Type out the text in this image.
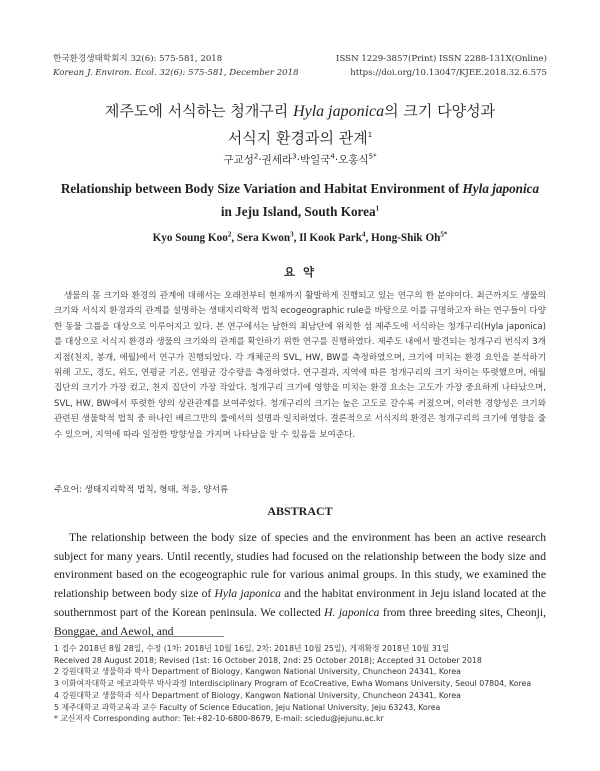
한국환경생태학회지 32(6): 575-581, 2018
Korean J. Environ. Ecol. 32(6): 575-581, December 2018
ISSN 1229-3857(Print) ISSN 2288-131X(Online)
https://doi.org/10.13047/KJEE.2018.32.6.575
제주도에 서식하는 청개구리 Hyla japonica의 크기 다양성과
서식지 환경과의 관계$^1$
구교성$^2$·권세라$^3$·박일국$^4$·오홍식$^{5*}$
Relationship between Body Size Variation and Habitat Environment of Hyla japonica in Jeju Island, South Korea$^1$
Kyo Soung Koo$^2$, Sera Kwon$^3$, Il Kook Park$^4$, Hong-Shik $Oh^{5*}$
요 약
생물의 몸 크기와 환경의 관계에 대해서는 오래전부터 현재까지 활발하게 진행되고 있는 연구의 한 분야이다. 최근까지도 생물의 크기와 서식지 환경과의 관계를 설명하는 생태지리학적 법칙 ecogeographic rule을 바탕으로 이를 규명하고자 하는 연구들이 다양한 동물 그룹을 대상으로 이루어지고 있다. 본 연구에서는 남한의 최남단에 위치한 섬 제주도에 서식하는 청개구리(Hyla japonica)를 대상으로 서식지 환경과 생물의 크기와의 관계를 확인하기 위한 연구를 진행하였다. 제주도 내에서 발견되는 청개구리 번식지 3개 지점(천지, 봉개, 애월)에서 연구가 진행되었다. 각 개체군의 SVL, HW, BW를 측정하였으며, 크기에 미치는 환경 요인을 분석하기 위해 고도, 경도, 위도, 연평균 기온, 연평균 강수량을 측정하였다. 연구결과, 지역에 따른 청개구리의 크기 차이는 뚜렷했으며, 애월 집단의 크기가 가장 컸고, 천지 집단이 가장 작았다. 청개구리 크기에 영향을 미치는 환경 요소는 고도가 가장 중요하게 나타났으며, SVL, HW, BW에서 뚜렷한 양의 상관관계를 보여주었다. 청개구리의 크기는 높은 고도로 갈수록 커졌으며, 이러한 경향성은 크기와 관련된 생물학적 법칙 중 하나인 베르그만의 룰에서의 설명과 일치하였다. 결론적으로 서식지의 환경은 청개구리의 크기에 영향을 줄 수 있으며, 지역에 따라 일정한 방향성을 가지며 나타남을 알 수 있음을 보여준다.
주요어: 생태지리학적 법칙, 형태, 적응, 양서류
ABSTRACT
The relationship between the body size of species and the environment has been an active research subject for many years. Until recently, studies had focused on the relationship between the body size and environment based on the ecogeographic rule for various animal groups. In this study, we examined the relationship between body size of Hyla japonica and the habitat environment in Jeju island located at the southernmost part of the Korean peninsula. We collected H. japonica from three breeding sites, Cheonji, Bonggae, and Aewol, and
1 접수 2018년 8월 28일, 수정 (1차: 2018년 10월 16일, 2차: 2018년 10월 25일), 게재확정 2018년 10월 31일
Received 28 August 2018; Revised (1st: 16 October 2018, 2nd: 25 October 2018); Accepted 31 October 2018
2 강원대학교 생물학과 박사 Department of Biology, Kangwon National University, Chuncheon 24341, Korea
3 이화여자대학교 에코과학부 박사과정 Interdisciplinary Program of EcoCreative, Ewha Womans University, Seoul 07804, Korea
4 강원대학교 생물학과 석사 Department of Biology, Kangwon National University, Chuncheon 24341, Korea
5 제주대학교 과학교육과 교수 Faculty of Science Education, Jeju National University, Jeju 63243, Korea
* 교신저자 Corresponding author: Tel:+82-10-6800-8679, E-mail: sciedu@jejunu.ac.kr
